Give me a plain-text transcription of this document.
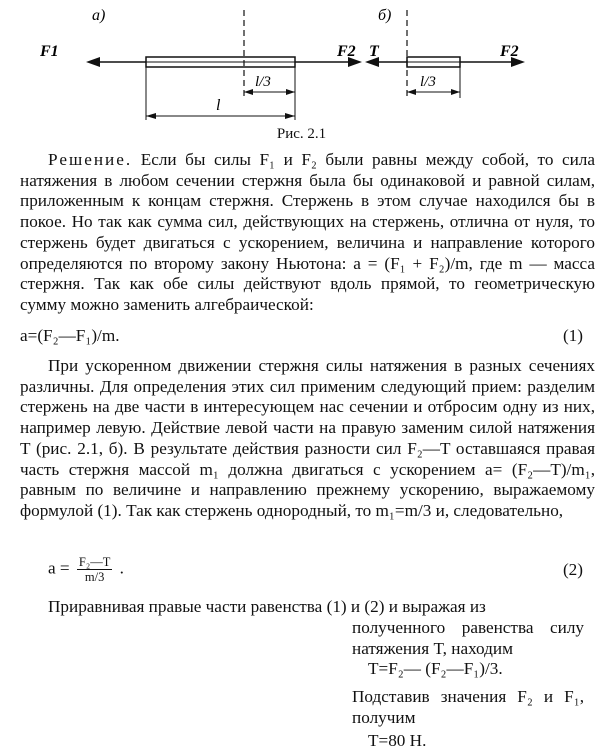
а)
F1	F2
l/3
l
б)
T	F2
l/3
Рис. 2.1
Решение. Если бы силы F₁ и F₂ были равны между собой, то сила натяжения в любом сечении стержня была бы одинаковой и равной силам, приложенным к концам стержня. Стержень в этом случае находился бы в покое. Но так как сумма сил, действующих на стержень, отлична от нуля, то стержень будет двигаться с ускорением, величина и направление которого определяются по второму закону Ньютона: a = (F₁ + F₂)/m, где m — масса стержня. Так как обе силы действуют вдоль прямой, то геометрическую сумму можно заменить алгебраической:
a=(F₂—F₁)/m.	(1)
При ускоренном движении стержня силы натяжения в разных сечениях различны. Для определения этих сил применим следующий прием: разделим стержень на две части в интересующем нас сечении и отбросим одну из них, например левую. Действие левой части на правую заменим силой натяжения T (рис. 2.1, б). В результате действия разности сил F₂—T оставшаяся правая часть стержня массой m₁ должна двигаться с ускорением a= (F₂—T)/m₁, равным по величине и направлению прежнему ускорению, выражаемому формулой (1). Так как стержень однородный, то m₁=m/3 и, следовательно,
$a = \frac{\text{F₂—T}}{m/3}$ .	(2)
Приравнивая правые части равенства (1) и (2) и выражая из
полученного равенства силу натяжения T, находим
T=F₂— (F₂—F₁)/3.
Подставив значения F₂ и F₁, получим
T=80 Н.
